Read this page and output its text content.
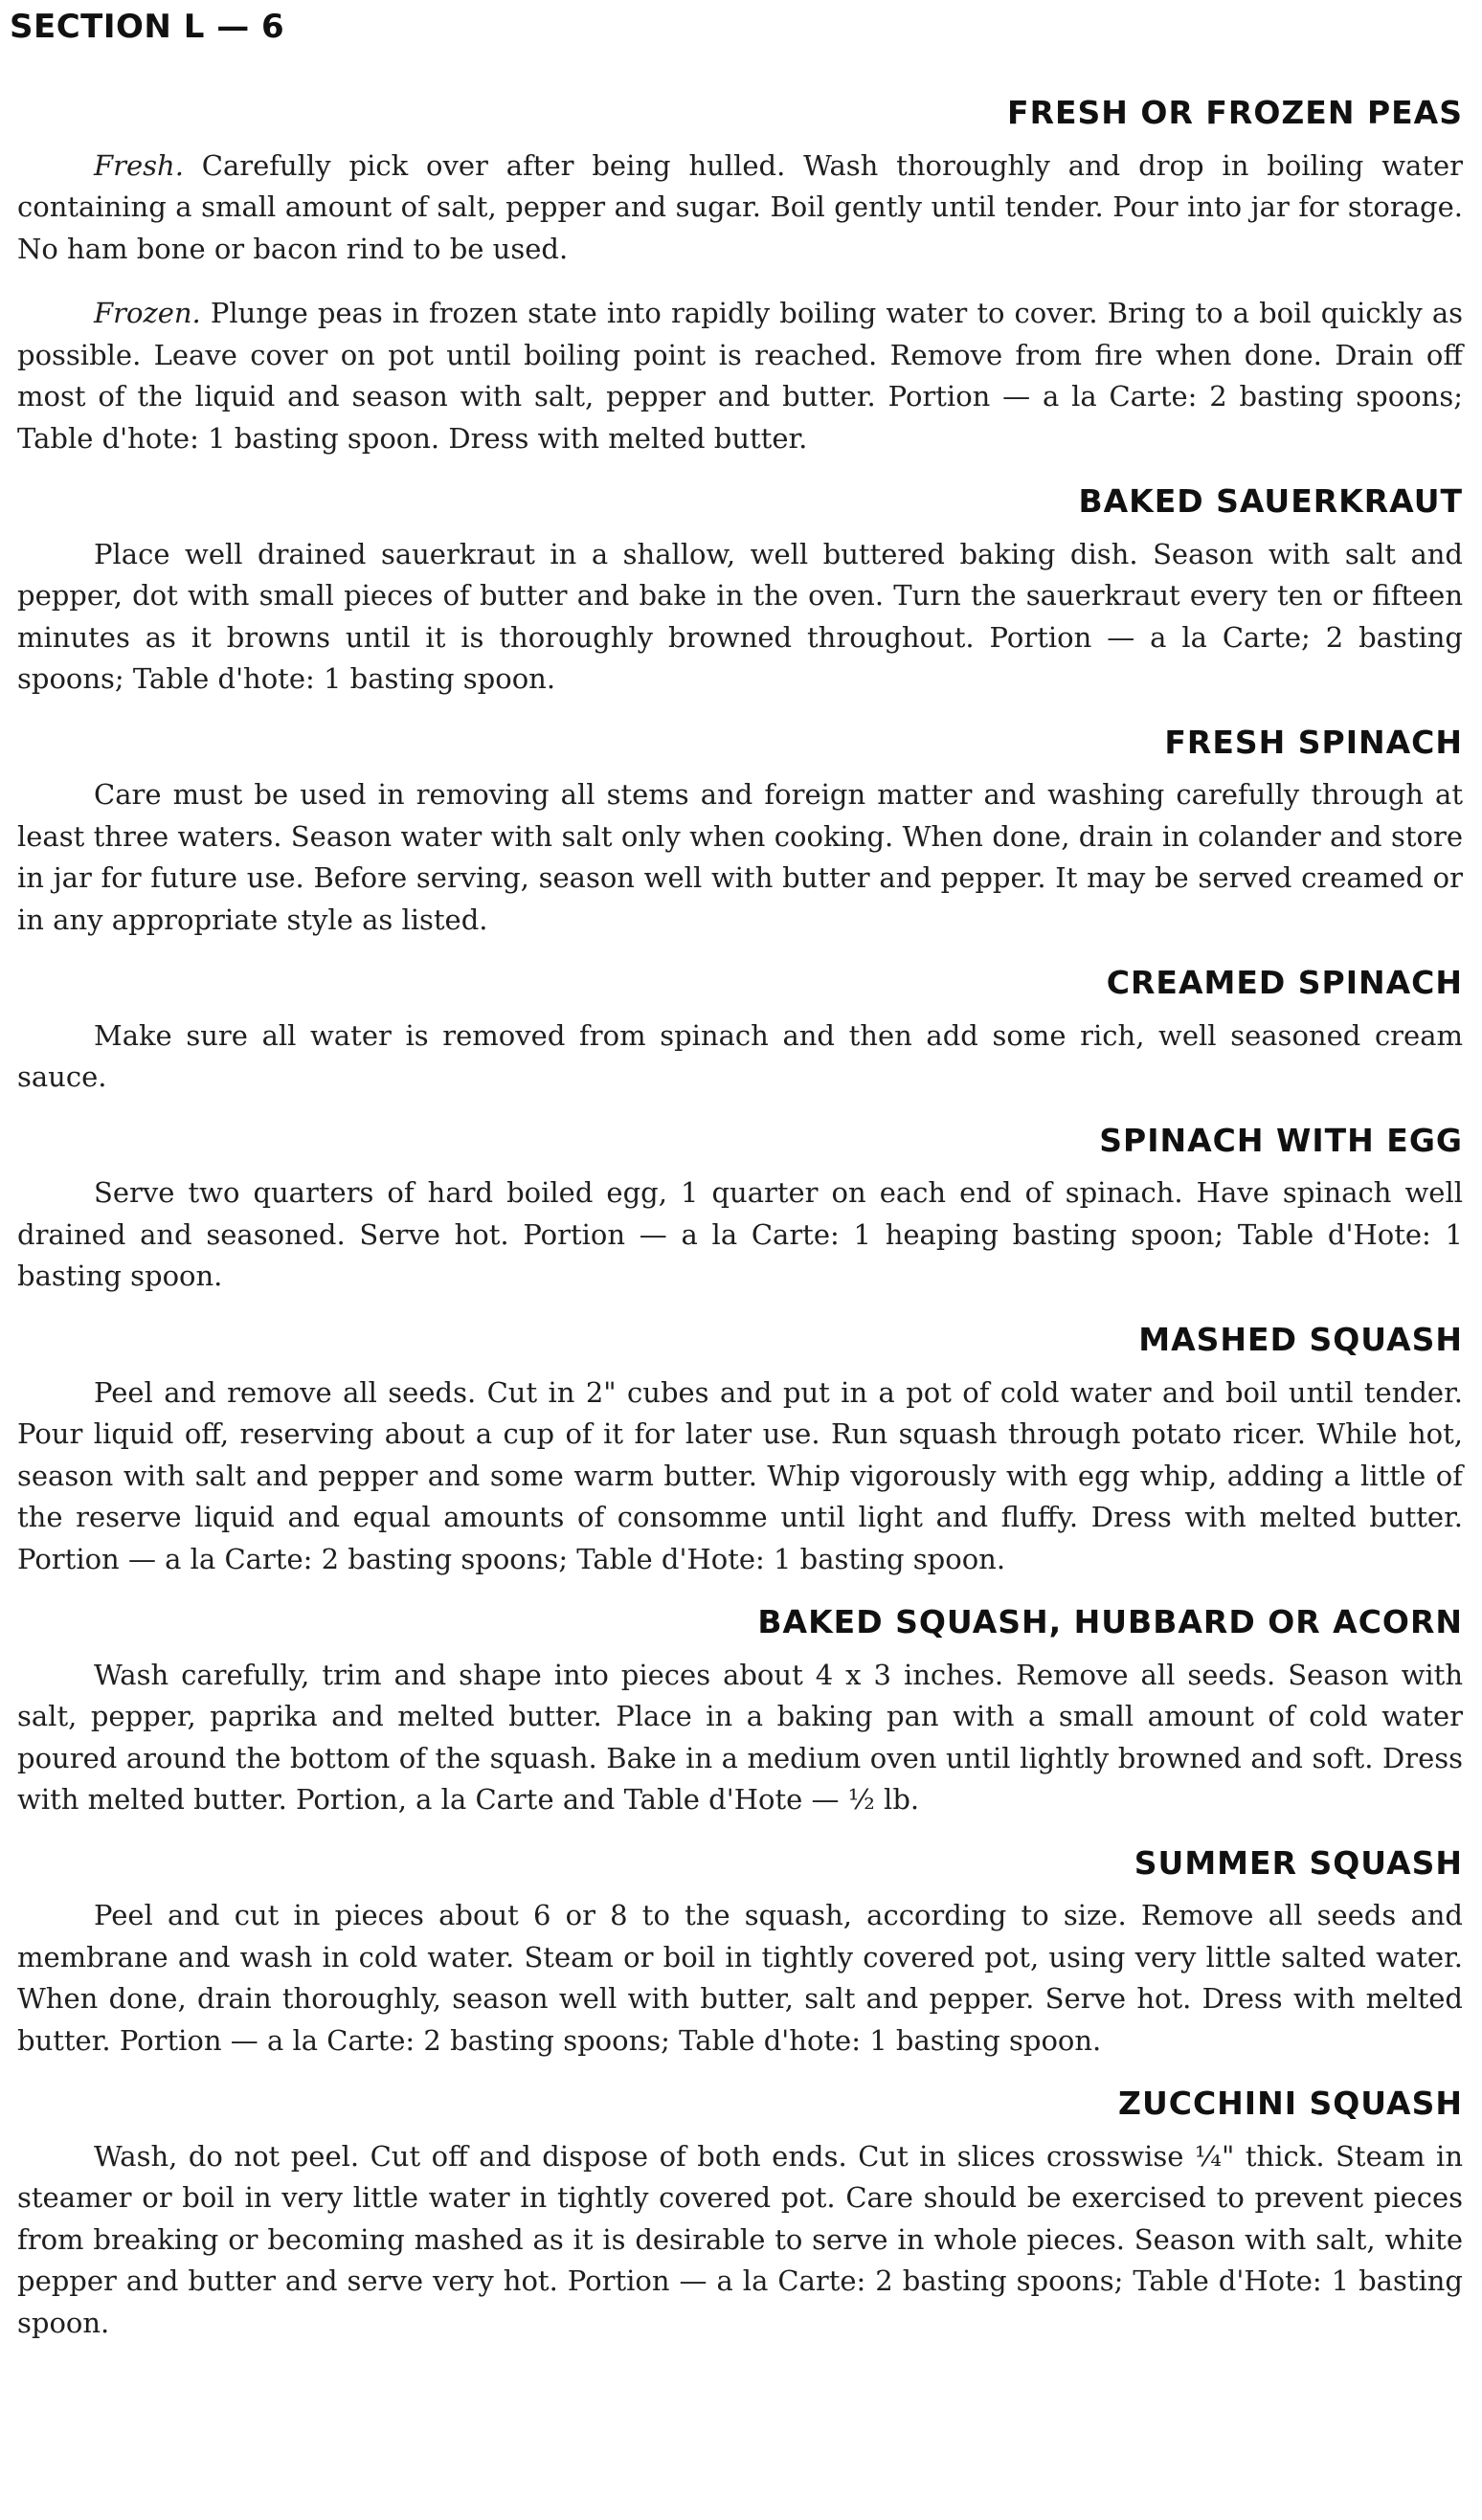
SECTION L — 6
FRESH OR FROZEN PEAS

Fresh. Carefully pick over after being hulled. Wash thoroughly and drop in boiling water containing a small amount of salt, pepper and sugar. Boil gently until tender. Pour into jar for storage. No ham bone or bacon rind to be used.

Frozen. Plunge peas in frozen state into rapidly boiling water to cover. Bring to a boil quickly as possible. Leave cover on pot until boiling point is reached. Remove from fire when done. Drain off most of the liquid and season with salt, pepper and butter. Portion — a la Carte: 2 basting spoons; Table d'hote: 1 basting spoon. Dress with melted butter.

BAKED SAUERKRAUT

Place well drained sauerkraut in a shallow, well buttered baking dish. Season with salt and pepper, dot with small pieces of butter and bake in the oven. Turn the sauerkraut every ten or fifteen minutes as it browns until it is thoroughly browned throughout. Portion — a la Carte; 2 basting spoons; Table d'hote: 1 basting spoon.

FRESH SPINACH

Care must be used in removing all stems and foreign matter and washing carefully through at least three waters. Season water with salt only when cooking. When done, drain in colander and store in jar for future use. Before serving, season well with butter and pepper. It may be served creamed or in any appropriate style as listed.

CREAMED SPINACH

Make sure all water is removed from spinach and then add some rich, well seasoned cream sauce.

SPINACH WITH EGG

Serve two quarters of hard boiled egg, 1 quarter on each end of spinach. Have spinach well drained and seasoned. Serve hot. Portion — a la Carte: 1 heaping basting spoon; Table d'Hote: 1 basting spoon.

MASHED SQUASH

Peel and remove all seeds. Cut in 2" cubes and put in a pot of cold water and boil until tender. Pour liquid off, reserving about a cup of it for later use. Run squash through potato ricer. While hot, season with salt and pepper and some warm butter. Whip vigorously with egg whip, adding a little of the reserve liquid and equal amounts of consomme until light and fluffy. Dress with melted butter. Portion — a la Carte: 2 basting spoons; Table d'Hote: 1 basting spoon.

BAKED SQUASH, HUBBARD OR ACORN

Wash carefully, trim and shape into pieces about 4 x 3 inches. Remove all seeds. Season with salt, pepper, paprika and melted butter. Place in a baking pan with a small amount of cold water poured around the bottom of the squash. Bake in a medium oven until lightly browned and soft. Dress with melted butter. Portion, a la Carte and Table d'Hote — ½ lb.

SUMMER SQUASH

Peel and cut in pieces about 6 or 8 to the squash, according to size. Remove all seeds and membrane and wash in cold water. Steam or boil in tightly covered pot, using very little salted water. When done, drain thoroughly, season well with butter, salt and pepper. Serve hot. Dress with melted butter. Portion — a la Carte: 2 basting spoons; Table d'hote: 1 basting spoon.

ZUCCHINI SQUASH

Wash, do not peel. Cut off and dispose of both ends. Cut in slices crosswise ¼" thick. Steam in steamer or boil in very little water in tightly covered pot. Care should be exercised to prevent pieces from breaking or becoming mashed as it is desirable to serve in whole pieces. Season with salt, white pepper and butter and serve very hot. Portion — a la Carte: 2 basting spoons; Table d'Hote: 1 basting spoon.
